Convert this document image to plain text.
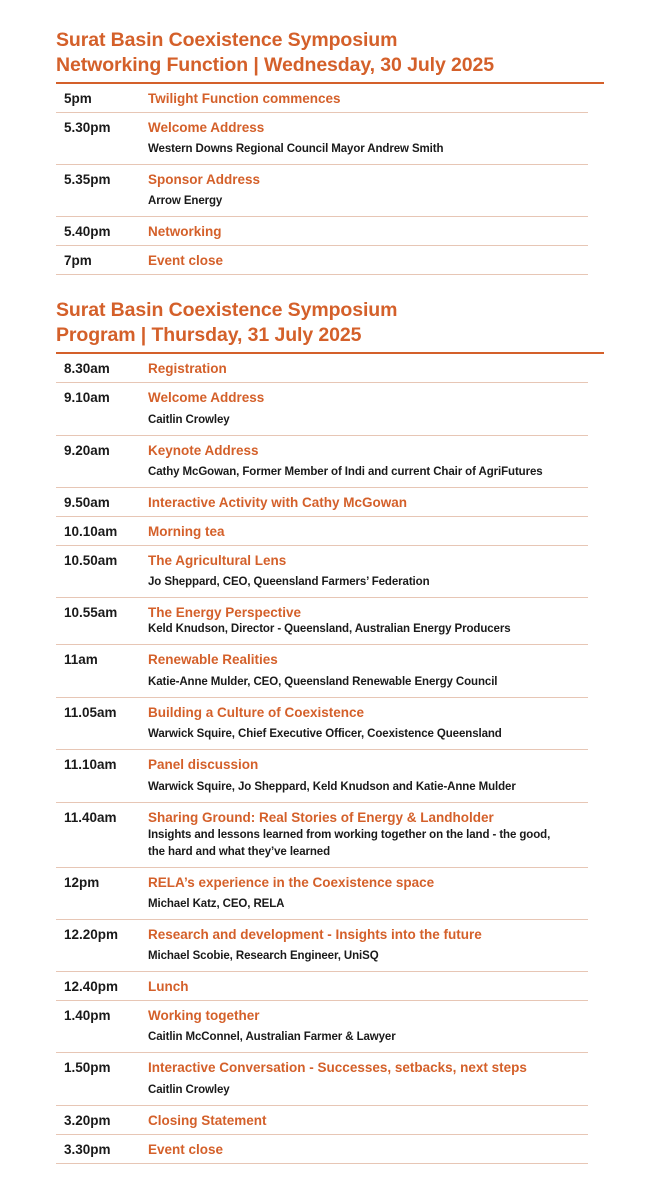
Surat Basin Coexistence Symposium
Networking Function | Wednesday, 30 July 2025
5pm	Twilight Function commences
5.30pm	Welcome Address
Western Downs Regional Council Mayor Andrew Smith
5.35pm	Sponsor Address
Arrow Energy
5.40pm	Networking
7pm	Event close
Surat Basin Coexistence Symposium
Program | Thursday, 31 July 2025
8.30am	Registration
9.10am	Welcome Address
Caitlin Crowley
9.20am	Keynote Address
Cathy McGowan, Former Member of Indi and current Chair of AgriFutures
9.50am	Interactive Activity with Cathy McGowan
10.10am Morning tea
10.50am The Agricultural Lens
Jo Sheppard, CEO, Queensland Farmers’ Federation
10.55am The Energy Perspective
Keld Knudson, Director - Queensland, Australian Energy Producers
11am	Renewable Realities
Katie-Anne Mulder, CEO, Queensland Renewable Energy Council
11.05am Building a Culture of Coexistence
Warwick Squire, Chief Executive Officer, Coexistence Queensland
11.10am Panel discussion
Warwick Squire, Jo Sheppard, Keld Knudson and Katie-Anne Mulder
11.40am Sharing Ground: Real Stories of Energy & Landholder
Insights and lessons learned from working together on the land - the good, the hard and what they’ve learned
12pm	RELA’s experience in the Coexistence space
Michael Katz, CEO, RELA
12.20pm Research and development - Insights into the future
Michael Scobie, Research Engineer, UniSQ
12.40pm Lunch
1.40pm	Working together
Caitlin McConnel, Australian Farmer & Lawyer
1.50pm	Interactive Conversation - Successes, setbacks, next steps
Caitlin Crowley
3.20pm	Closing Statement
3.30pm	Event close
